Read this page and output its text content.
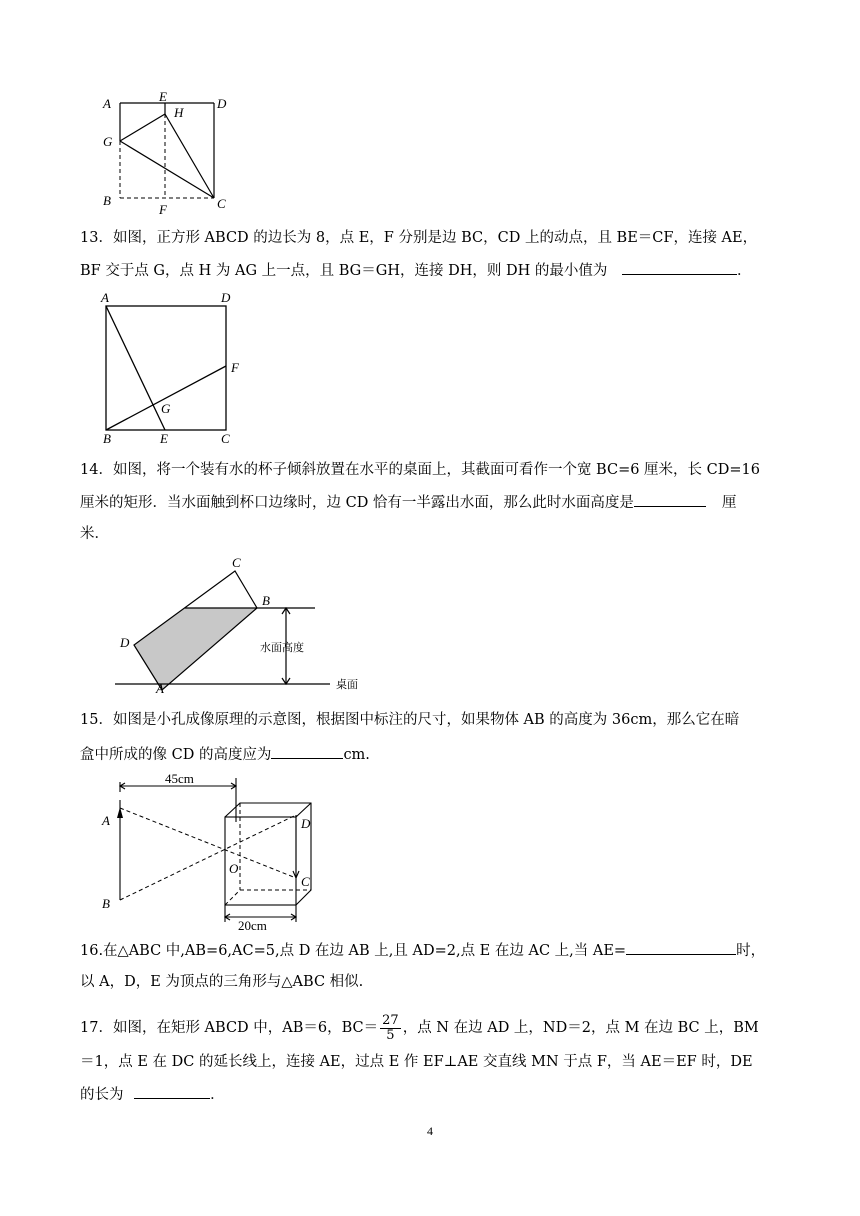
A	E	D
H
G
B
F	C
13．如图，正方形 ABCD 的边长为 8，点 E，F 分别是边 BC，CD 上的动点，且 BE＝CF，连接 AE，
BF 交于点 G，点 H 为 AG 上一点，且 BG＝GH，连接 DH，则 DH 的最小值为	．
A	D
F
G
B	E	C
14．如图，将一个装有水的杯子倾斜放置在水平的桌面上，其截面可看作一个宽 BC=6 厘米，长 CD=16
厘米的矩形．当水面触到杯口边缘时，边 CD 恰有一半露出水面，那么此时水面高度是	厘
米．
C
B
D
A
水面高度
桌面
15．如图是小孔成像原理的示意图，根据图中标注的尺寸，如果物体 AB 的高度为 36cm，那么它在暗
盒中所成的像 CD 的高度应为	cm.
A
B
D
C
O
45cm
20cm
16.在△ABC 中,AB=6,AC=5,点 D 在边 AB 上,且 AD=2,点 E 在边 AC 上,当 AE=	时，
以 A，D，E 为顶点的三角形与△ABC 相似.
17．如图，在矩形 ABCD 中，AB＝6，$BC= \frac{27}{5}$ ，点 N 在边 AD 上，ND＝2，点 M 在边 BC 上，BM
＝1，点 E 在 DC 的延长线上，连接 AE，过点 E 作 EF⊥AE 交直线 MN 于点 F，当 AE＝EF 时，DE
的长为	．
4
